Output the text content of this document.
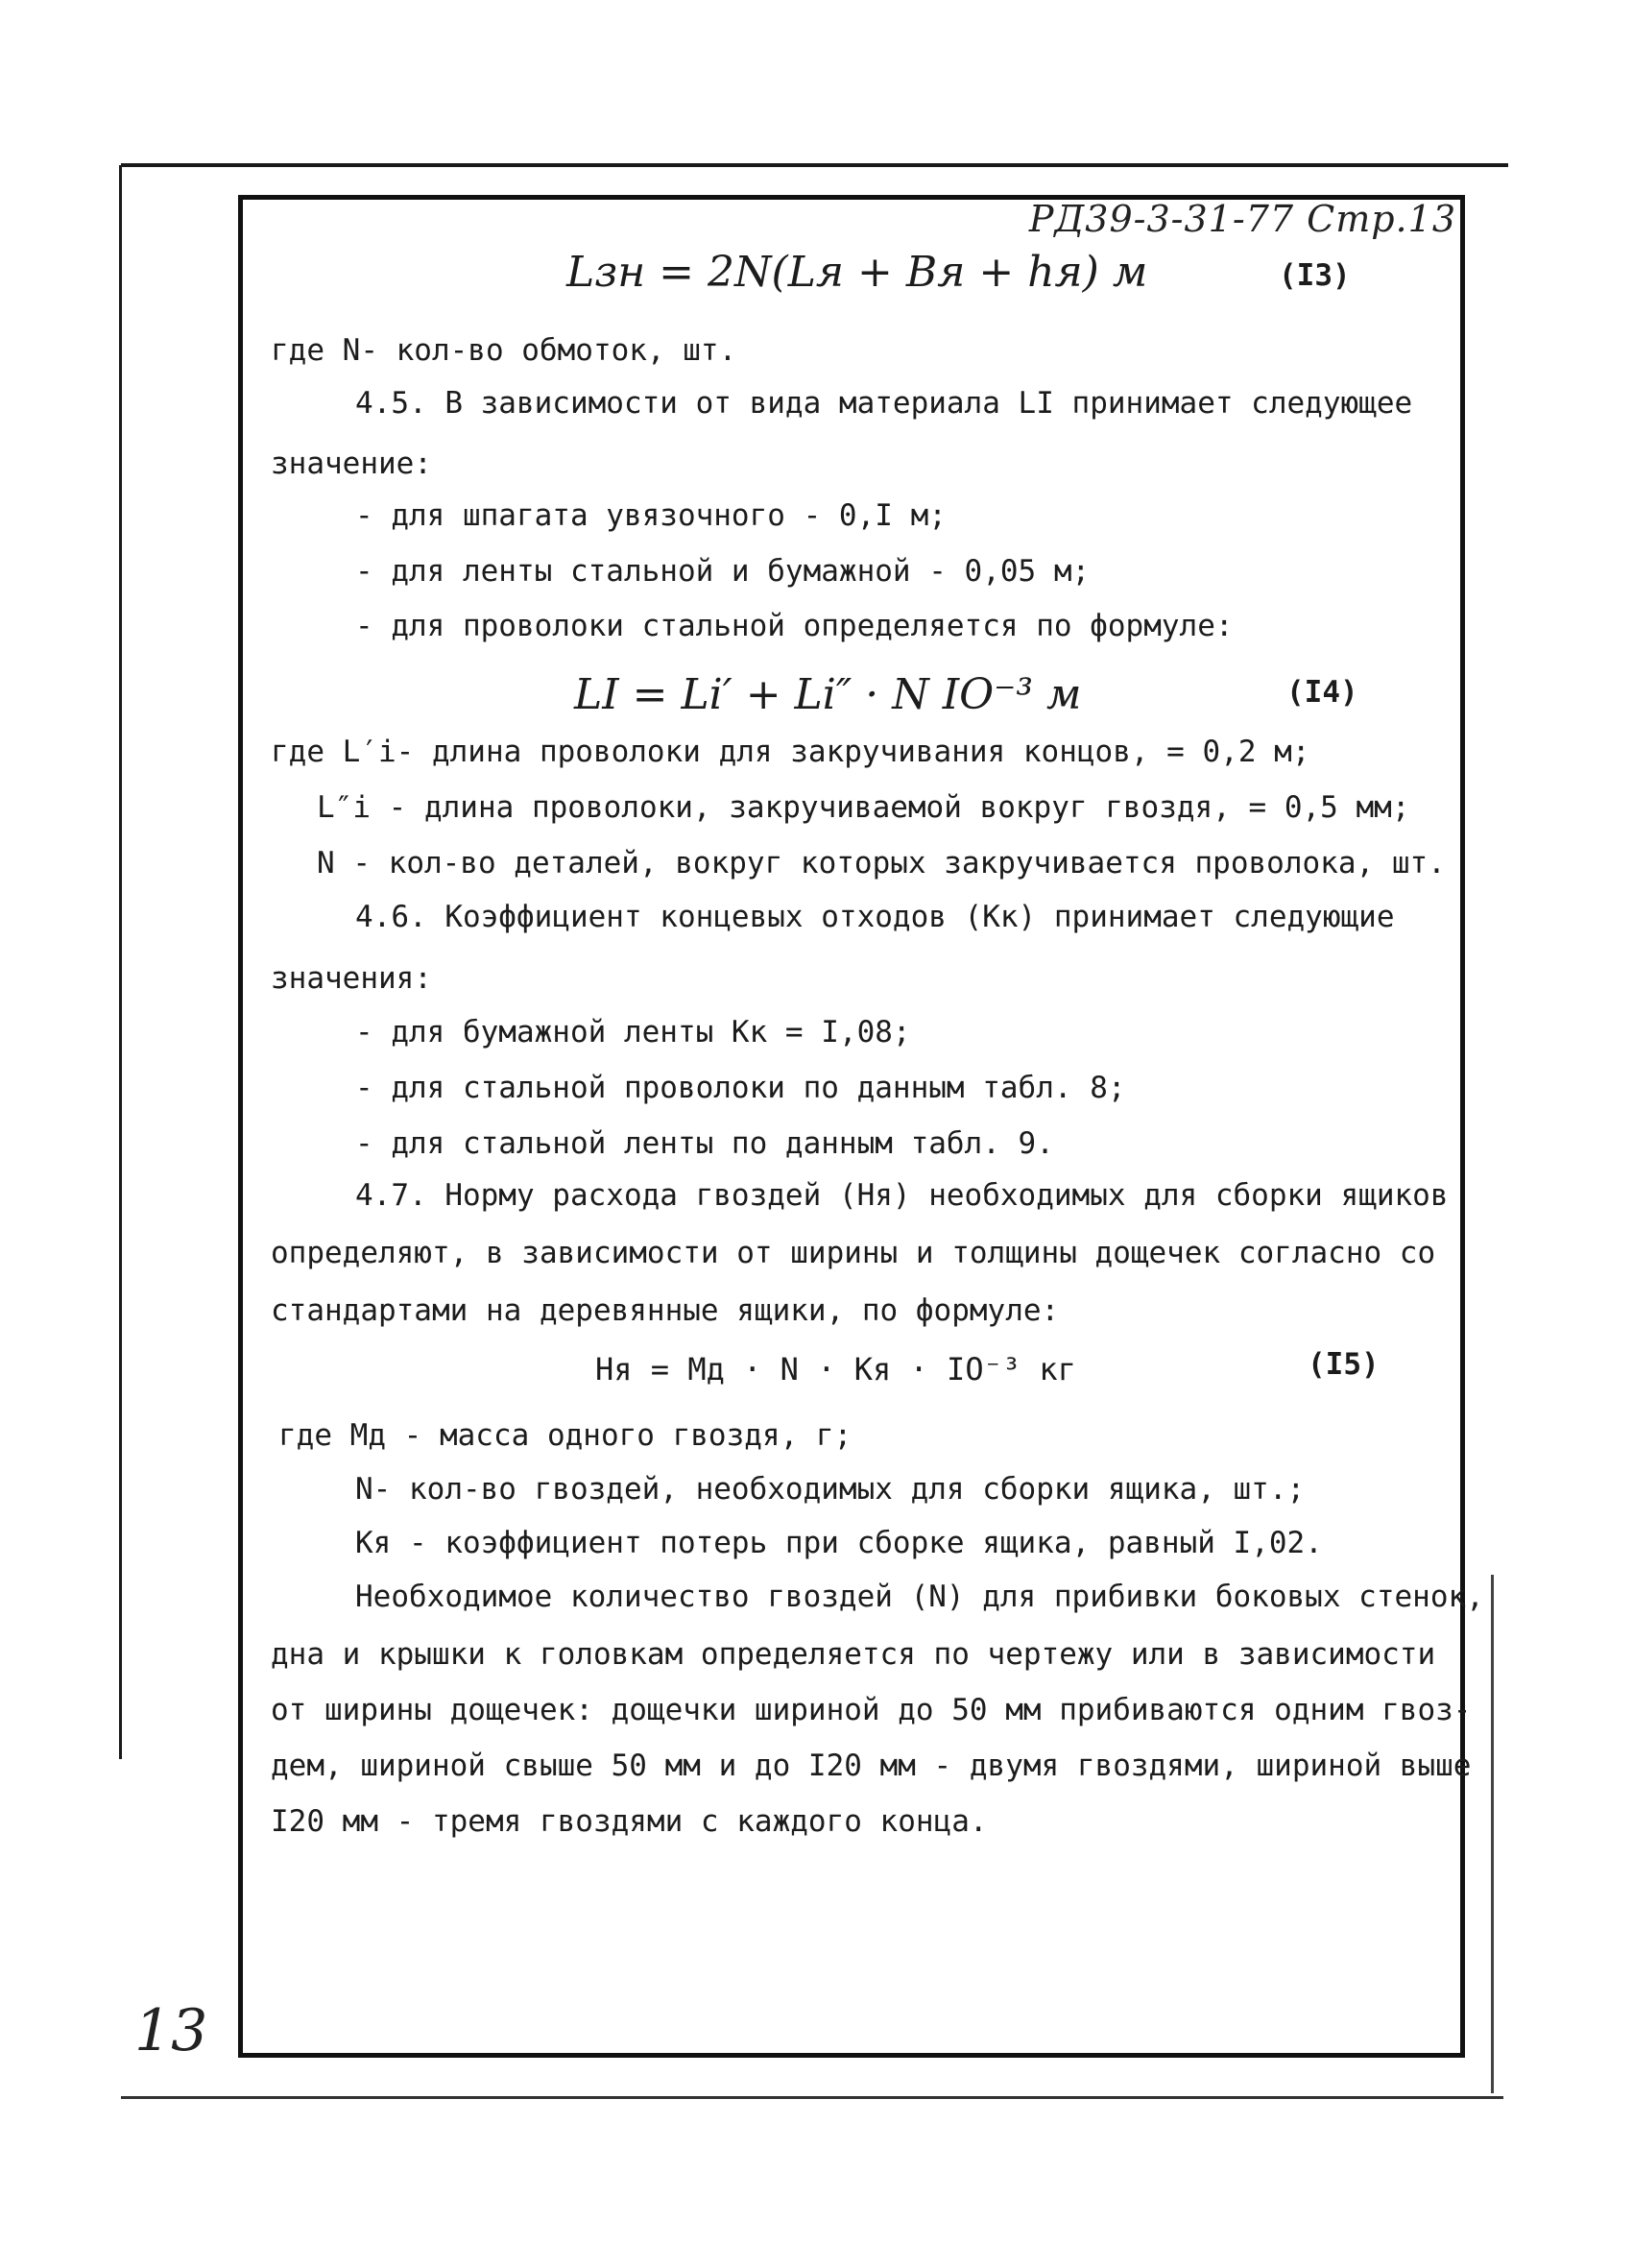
РД39-3-31-77 Стр.13
Lзн = 2N(Lя + Вя + hя) м	(I3)
где N- кол-во обмоток, шт.
4.5. В зависимости от вида материала LI принимает следующее
значение:
- для шпагата увязочного - 0,I м;
- для ленты стальной и бумажной - 0,05 м;
- для проволоки стальной определяется по формуле:
LI = Li′ + Li″ · N IO⁻³ м	(I4)
где L′i- длина проволоки для закручивания концов, = 0,2 м;
L″i - длина проволоки, закручиваемой вокруг гвоздя, = 0,5 мм;
N - кол-во деталей, вокруг которых закручивается проволока, шт.
4.6. Коэффициент концевых отходов (Кк) принимает следующие
значения:
- для бумажной ленты Кк = I,08;
- для стальной проволоки по данным табл. 8;
- для стальной ленты по данным табл. 9.
4.7. Норму расхода гвоздей (Ня) необходимых для сборки ящиков
определяют, в зависимости от ширины и толщины дощечек согласно со
стандартами на деревянные ящики, по формуле:
Ня = Мд · N · Кя · IO⁻³ кг	(I5)
где Мд - масса одного гвоздя, г;
N- кол-во гвоздей, необходимых для сборки ящика, шт.;
Кя - коэффициент потерь при сборке ящика, равный I,02.
Необходимое количество гвоздей (N) для прибивки боковых стенок,
дна и крышки к головкам определяется по чертежу или в зависимости
от ширины дощечек: дощечки шириной до 50 мм прибиваются одним гвоз-
дем, шириной свыше 50 мм и до I20 мм - двумя гвоздями, шириной выше
I20 мм - тремя гвоздями с каждого конца.
13
